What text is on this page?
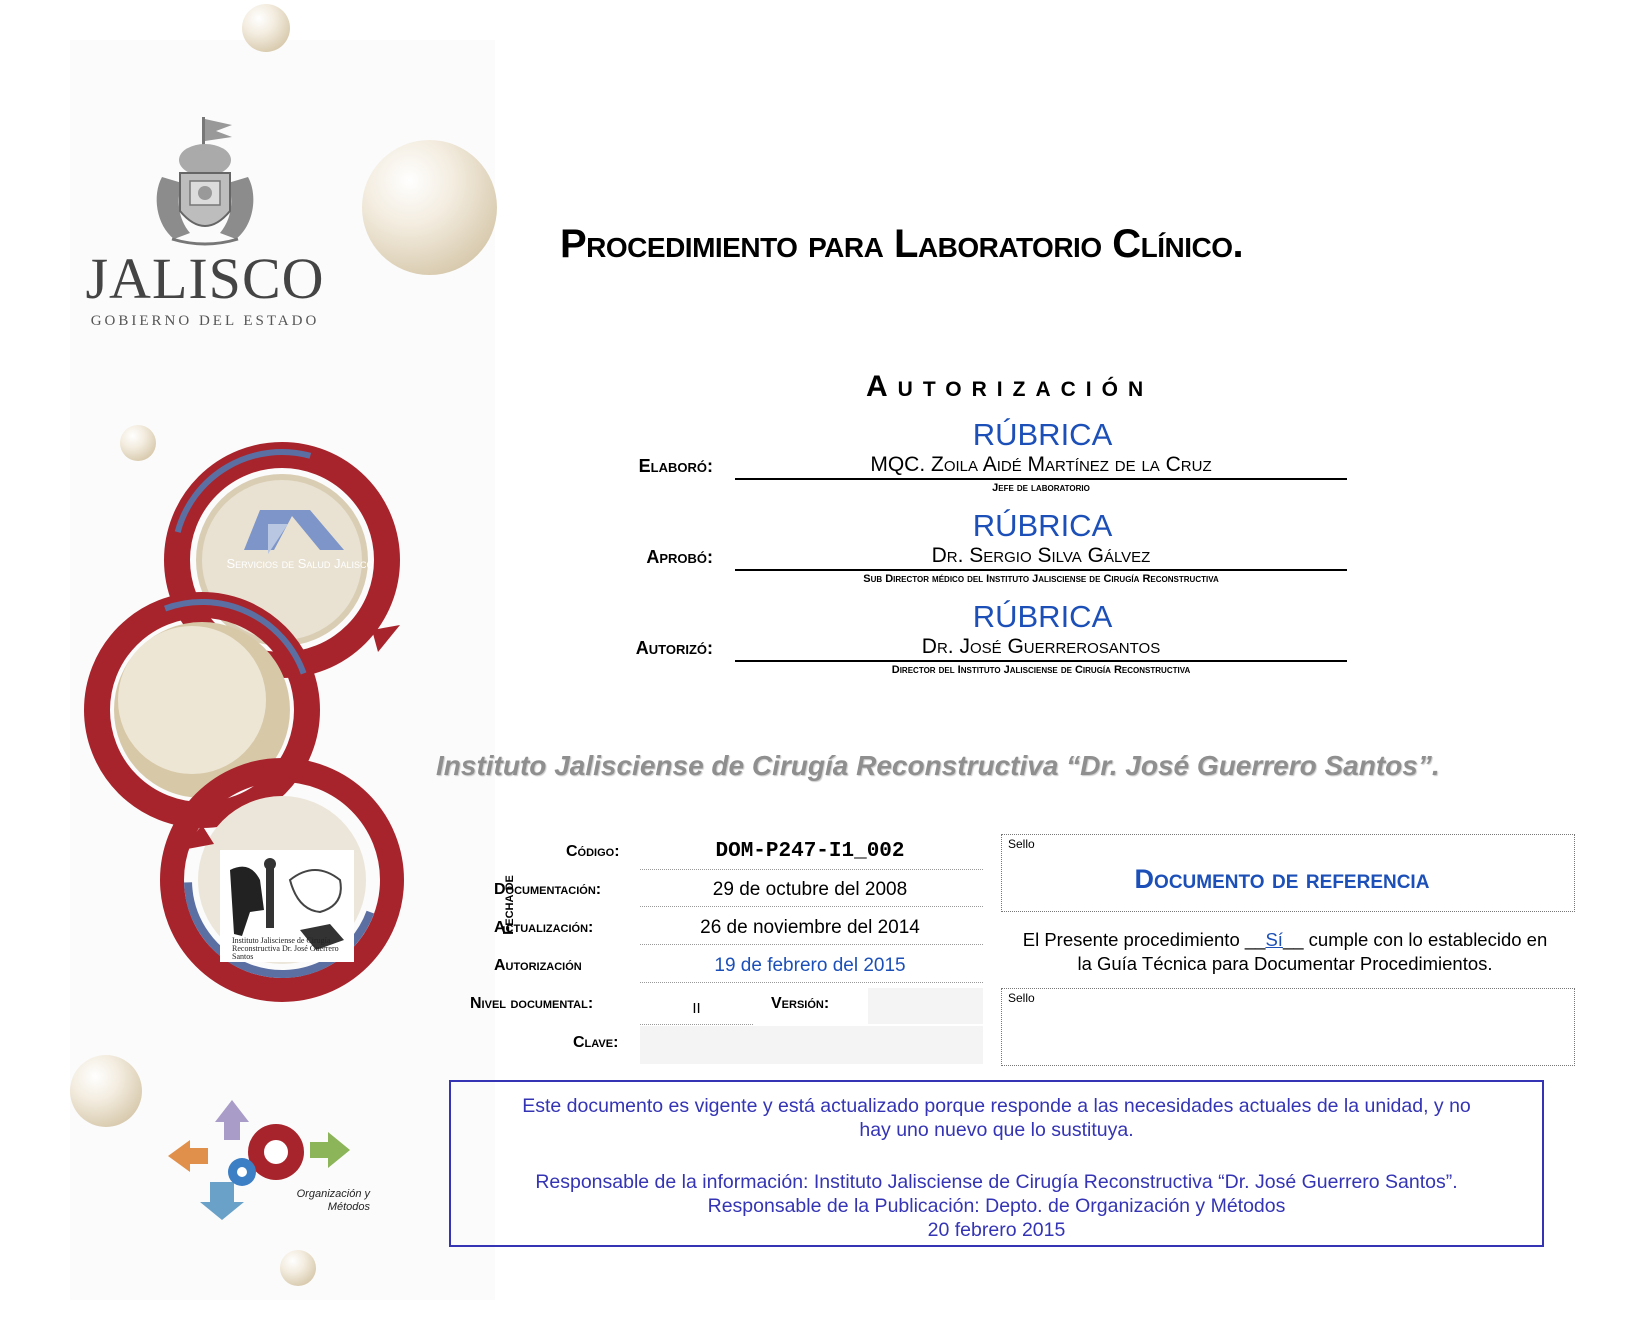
JALISCO
GOBIERNO DEL ESTADO
Servicios de Salud Jalisco
Instituto Jalisciense de Cirugía Reconstructiva Dr. José Guerrero Santos
Organización y Métodos
Procedimiento para Laboratorio Clínico.
Autorización
RÚBRICA
Elaboró:	MQC. Zoila Aidé Martínez de la Cruz
Jefe de laboratorio
RÚBRICA
Aprobó:	Dr. Sergio Silva Gálvez
Sub Director médico del Instituto Jalisciense de Cirugía Reconstructiva
RÚBRICA
Autorizó:	Dr. José Guerrerosantos
Director del Instituto Jalisciense de Cirugía Reconstructiva
Instituto Jalisciense de Cirugía Reconstructiva “Dr. José Guerrero Santos”.
Código:	DOM-P247-I1_002
Fecha de
Documentación:	29 de octubre del 2008
Actualización:	26 de noviembre del 2014
Autorización	19 de febrero del 2015
Nivel documental:	II	Versión:
Clave:
Sello
Documento de referencia
El Presente procedimiento __Sí__ cumple con lo establecido en
la Guía Técnica para Documentar Procedimientos.
Sello

Este documento es vigente y está actualizado porque responde a las necesidades actuales de la unidad, y no

hay uno nuevo que lo sustituya.

Responsable de la información: Instituto Jalisciense de Cirugía Reconstructiva “Dr. José Guerrero Santos”.

Responsable de la Publicación: Depto. de Organización y Métodos

20 febrero 2015
